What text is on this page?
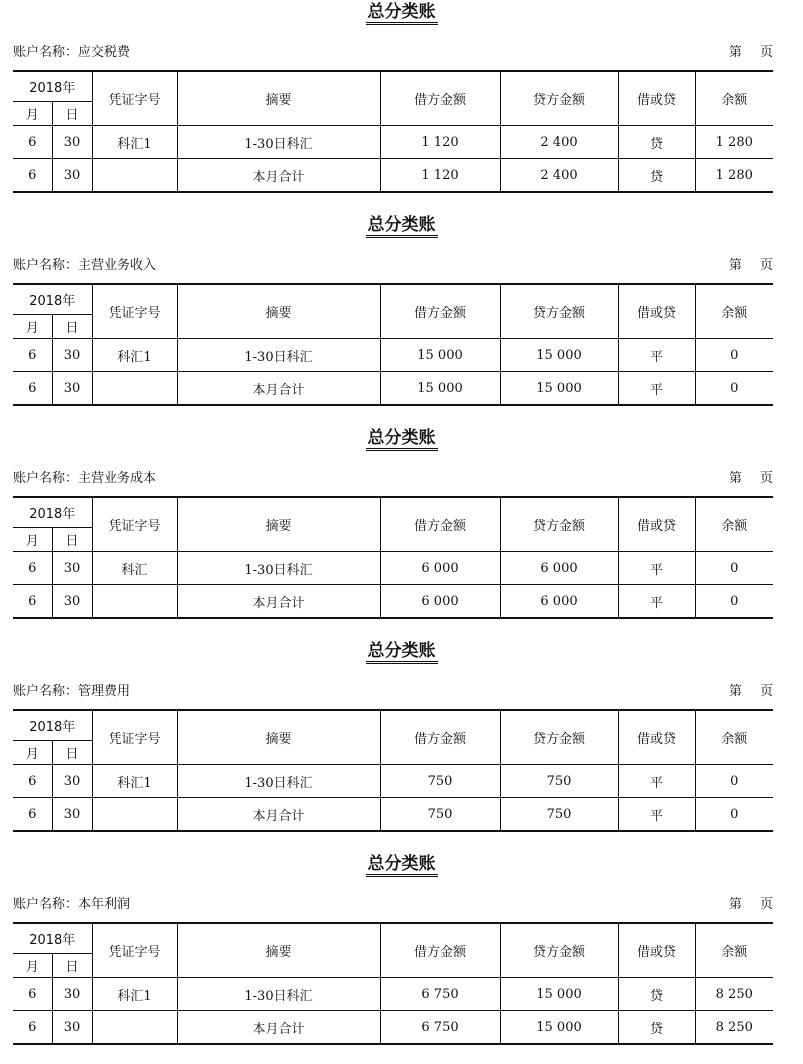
总分类账
账户名称：应交税费	第 页
2018年		凭证字号	摘要	借方金额	贷方金额	借或贷	余额
月	日						
6	30	科汇1	1-30日科汇	1 120	2 400	贷	1 280
6	30		本月合计	1 120	2 400	贷	1 280
总分类账
账户名称：主营业务收入	第 页
2018年		凭证字号	摘要	借方金额	贷方金额	借或贷	余额
月	日						
6	30	科汇1	1-30日科汇	15 000	15 000	平	0
6	30		本月合计	15 000	15 000	平	0
总分类账
账户名称：主营业务成本	第 页
2018年		凭证字号	摘要	借方金额	贷方金额	借或贷	余额
月	日						
6	30	科汇	1-30日科汇	6 000	6 000	平	0
6	30		本月合计	6 000	6 000	平	0
总分类账
账户名称：管理费用	第 页
2018年		凭证字号	摘要	借方金额	贷方金额	借或贷	余额
月	日						
6	30	科汇1	1-30日科汇	750	750	平	0
6	30		本月合计	750	750	平	0
总分类账
账户名称：本年利润	第 页
2018年		凭证字号	摘要	借方金额	贷方金额	借或贷	余额
月	日						
6	30	科汇1	1-30日科汇	6 750	15 000	贷	8 250
6	30		本月合计	6 750	15 000	贷	8 250
